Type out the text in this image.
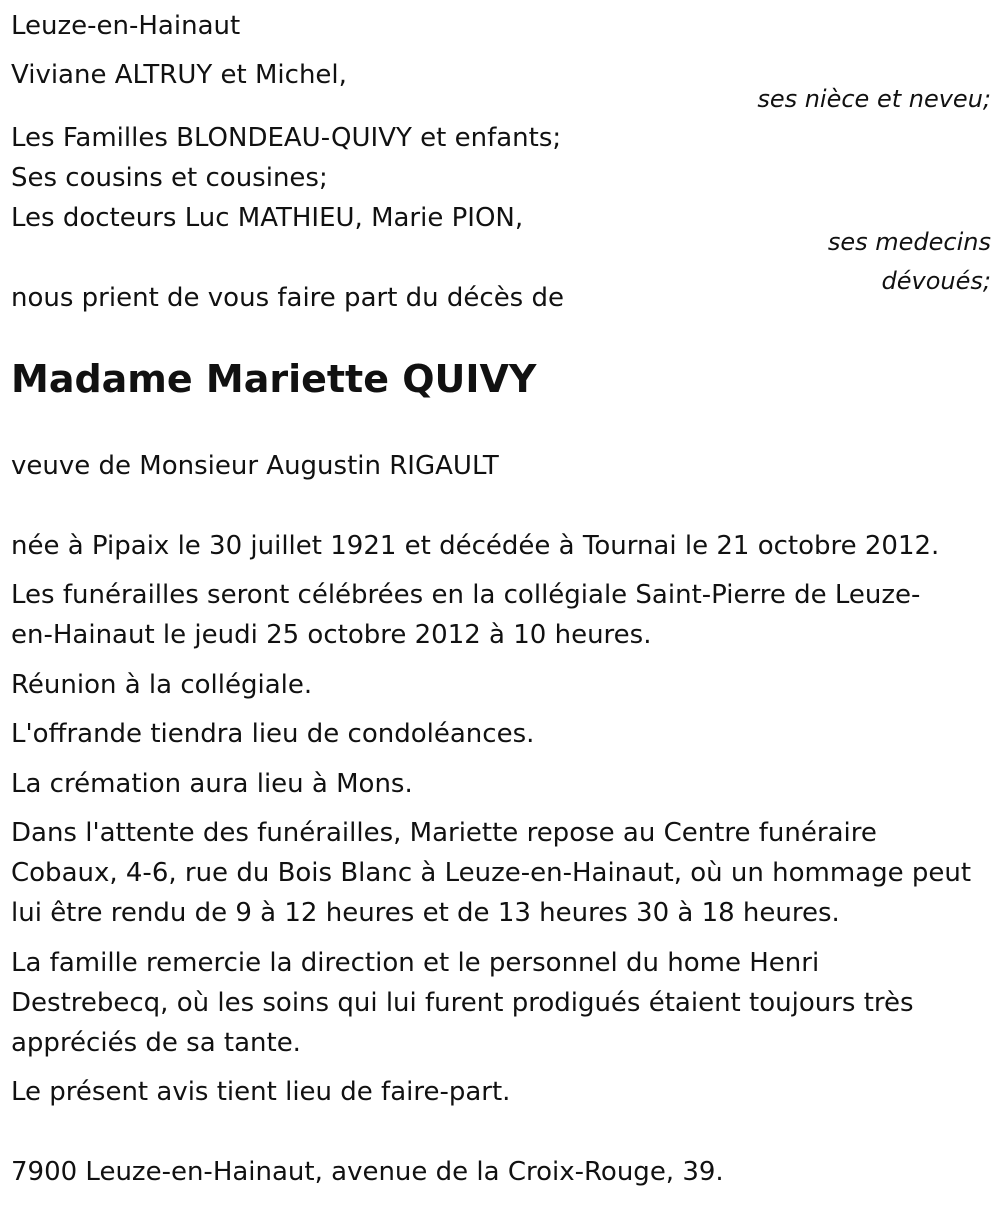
Leuze-en-Hainaut
Viviane ALTRUY et Michel,
ses nièce et neveu;
Les Familles BLONDEAU-QUIVY et enfants;
Ses cousins et cousines;
Les docteurs Luc MATHIEU, Marie PION,
ses medecins
dévoués;
nous prient de vous faire part du décès de
Madame Mariette QUIVY
veuve de Monsieur Augustin RIGAULT
née à Pipaix le 30 juillet 1921 et décédée à Tournai le 21 octobre 2012.
Les funérailles seront célébrées en la collégiale Saint-Pierre de Leuze-
en-Hainaut le jeudi 25 octobre 2012 à 10 heures.
Réunion à la collégiale.
L'offrande tiendra lieu de condoléances.
La crémation aura lieu à Mons.
Dans l'attente des funérailles, Mariette repose au Centre funéraire
Cobaux, 4-6, rue du Bois Blanc à Leuze-en-Hainaut, où un hommage peut
lui être rendu de 9 à 12 heures et de 13 heures 30 à 18 heures.
La famille remercie la direction et le personnel du home Henri
Destrebecq, où les soins qui lui furent prodigués étaient toujours très
appréciés de sa tante.
Le présent avis tient lieu de faire-part.
7900 Leuze-en-Hainaut, avenue de la Croix-Rouge, 39.
